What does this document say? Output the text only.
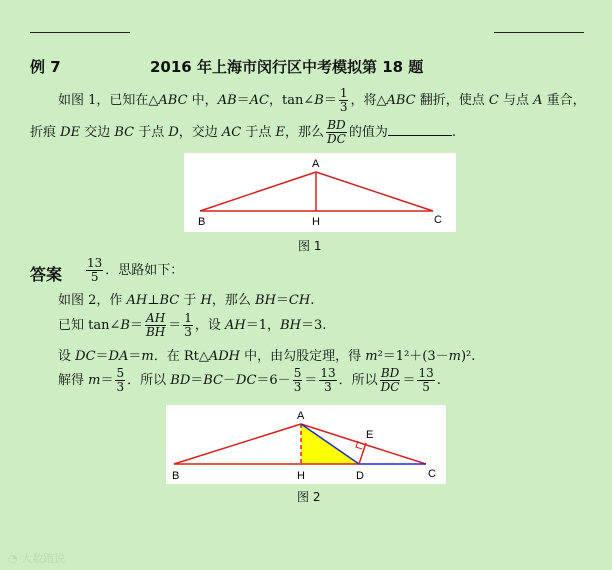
例 7	2016 年上海市闵行区中考模拟第 18 题
如图 1，已知在△ABC 中，AB＝AC，tan∠B＝ $\frac{1}{3}$ ，将△ABC 翻折，使点 C 与点 A 重合，
折痕 DE 交边 BC 于点 D，交边 AC 于点 E，那么 $\frac{BD}{DC}$ 的值为	.
A
B	H	C
图 1
答案 $\frac{13}{5}$ ．思路如下：
如图 2，作 AH⊥BC 于 H，那么 BH＝CH.
已知 tan∠B＝ $\frac{AH}{BH} = \frac{1}{3}$ ，设 AH＝1，BH＝3.
设 DC＝DA＝m．在 Rt△ADH 中，由勾股定理，得 m²＝1²＋(3－m)².
解得 $m= \frac{5}{3}$ ．所以 $BD=BC-DC=6- \frac{5}{3} = \frac{13}{3}$ ．所以 $\frac{BD}{DC} = \frac{13}{5}$ .
A
B	H	D	C
E
图 2
◔ 大数跑说
